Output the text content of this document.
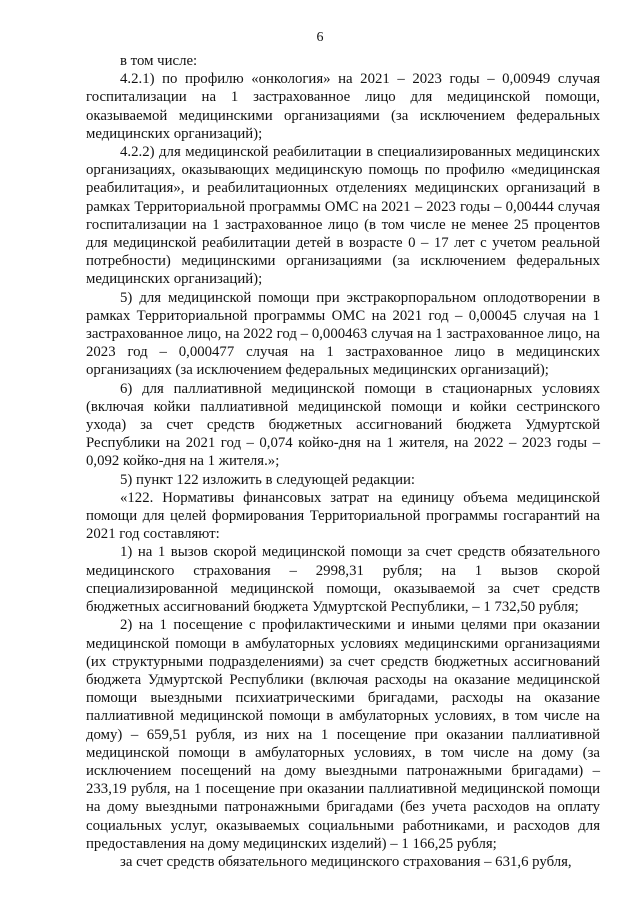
6

в том числе:

4.2.1) по профилю «онкология» на 2021 – 2023 годы – 0,00949 случая госпитализации на 1 застрахованное лицо для медицинской помощи, оказываемой медицинскими организациями (за исключением федеральных медицинских организаций);

4.2.2) для медицинской реабилитации в специализированных медицинских организациях, оказывающих медицинскую помощь по профилю «медицинская реабилитация», и реабилитационных отделениях медицинских организаций в рамках Территориальной программы ОМС на 2021 – 2023 годы – 0,00444 случая госпитализации на 1 застрахованное лицо (в том числе не менее 25 процентов для медицинской реабилитации детей в возрасте 0 – 17 лет с учетом реальной потребности) медицинскими организациями (за исключением федеральных медицинских организаций);

5) для медицинской помощи при экстракорпоральном оплодотворении в рамках Территориальной программы ОМС на 2021 год – 0,00045 случая на 1 застрахованное лицо, на 2022 год – 0,000463 случая на 1 застрахованное лицо, на 2023 год – 0,000477 случая на 1 застрахованное лицо в медицинских организациях (за исключением федеральных медицинских организаций);

6) для паллиативной медицинской помощи в стационарных условиях (включая койки паллиативной медицинской помощи и койки сестринского ухода) за счет средств бюджетных ассигнований бюджета Удмуртской Республики на 2021 год – 0,074 койко-дня на 1 жителя, на 2022 – 2023 годы – 0,092 койко-дня на 1 жителя.»;

5) пункт 122 изложить в следующей редакции:

«122. Нормативы финансовых затрат на единицу объема медицинской помощи для целей формирования Территориальной программы госгарантий на 2021 год составляют:

1) на 1 вызов скорой медицинской помощи за счет средств обязательного медицинского страхования – 2998,31 рубля; на 1 вызов скорой специализированной медицинской помощи, оказываемой за счет средств бюджетных ассигнований бюджета Удмуртской Республики, – 1 732,50 рубля;

2) на 1 посещение с профилактическими и иными целями при оказании медицинской помощи в амбулаторных условиях медицинскими организациями (их структурными подразделениями) за счет средств бюджетных ассигнований бюджета Удмуртской Республики (включая расходы на оказание медицинской помощи выездными психиатрическими бригадами, расходы на оказание паллиативной медицинской помощи в амбулаторных условиях, в том числе на дому) – 659,51 рубля, из них на 1 посещение при оказании паллиативной медицинской помощи в амбулаторных условиях, в том числе на дому (за исключением посещений на дому выездными патронажными бригадами) – 233,19 рубля, на 1 посещение при оказании паллиативной медицинской помощи на дому выездными патронажными бригадами (без учета расходов на оплату социальных услуг, оказываемых социальными работниками, и расходов для предоставления на дому медицинских изделий) – 1 166,25 рубля;

за счет средств обязательного медицинского страхования – 631,6 рубля,
